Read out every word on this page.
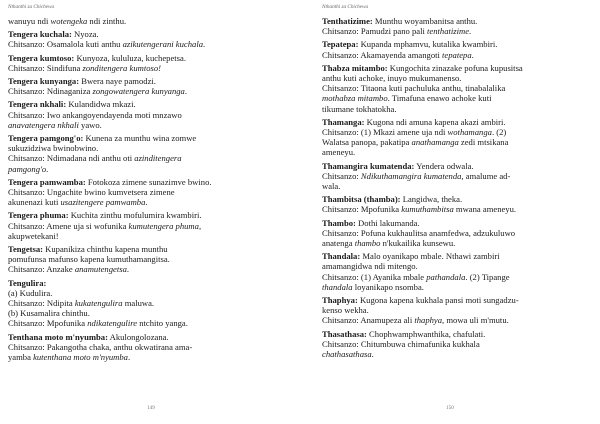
Nthanthi za Chichewa
wanuyu ndi wotengeka ndi zinthu.
Tengera kuchala: Nyoza.
Chitsanzo: Osamalola kuti anthu azikutengerani kuchala.
Tengera kumtoso: Kunyoza, kululuza, kuchepetsa.
Chitsanzo: Sindifuna zonditengera kumtoso!
Tengera kunyanga: Bwera naye pamodzi.
Chitsanzo: Ndinaganiza zongowatengera kunyanga.
Tengera nkhali: Kulandidwa mkazi.
Chitsanzo: Iwo ankangoyendayenda moti mnzawo
anavatengera nkhali yawo.
Tengera pamgong'o: Kunena za munthu wina zomwe
sukuzidziwa bwinobwino.
Chitsanzo: Ndimadana ndi anthu oti azinditengera
pamgong'o.
Tengera pamwamba: Fotokoza zimene sunazimve bwino.
Chitsanzo: Ungachite bwino kumvetsera zimene
akunenazi kuti usazitengere pamwamba.
Tengera phuma: Kuchita zinthu mofulumira kwambiri.
Chitsanzo: Amene uja si wofunika kumutengera phuma,
akupwetekani!
Tengetsa: Kupanikiza chinthu kapena munthu
pomufunsa mafunso kapena kumuthamangitsa.
Chitsanzo: Anzake anamutengetsa.
Tengulira:
(a) Kudulira.
Chitsanzo: Ndipita kukatengulira maluwa.
(b) Kusamalira chinthu.
Chitsanzo: Mpofunika ndikatengulire ntchito yanga.
Tenthana moto m'nyumba: Akulongolozana.
Chitsanzo: Pakangotha chaka, anthu okwatirana ama-
yamba kutenthana moto m'nyumba.
149
Nthanthi za Chichewa
Tenthatizime: Munthu woyambanitsa anthu.
Chitsanzo: Pamudzi pano pali tenthatizime.
Tepatepa: Kupanda mphamvu, kutalika kwambiri.
Chitsanzo: Akamayenda amangoti tepatepa.
Thabza mitambo: Kungochita zinazake pofuna kupusitsa
anthu kuti achoke, inuyo mukumanenso.
Chitsanzo: Titaona kuti pachuluka anthu, tinabalalika
mothabza mitambo. Timafuna enawo achoke kuti
tikumane tokhatokha.
Thamanga: Kugona ndi amuna kapena akazi ambiri.
Chitsanzo: (1) Mkazi amene uja ndi wothamanga. (2)
Walatsa panopa, pakatipa anathamanga zedi mtsikana
ameneyu.
Thamangira kumatenda: Yendera odwala.
Chitsanzo: Ndikuthamangira kumatenda, amalume ad-
wala.
Thambitsa (thamba): Langidwa, theka.
Chitsanzo: Mpofunika kumuthambitsa mwana ameneyu.
Thambo: Dothi lakumanda.
Chitsanzo: Pofuna kukhaulitsa anamfedwa, adzukuluwo
anatenga thambo n'kukailika kunsewu.
Thandala: Malo oyanikapo mbale. Nthawi zambiri
amamangidwa ndi mitengo.
Chitsanzo: (1) Ayanika mbale pathandala. (2) Tipange
thandala loyanikapo nsomba.
Thaphya: Kugona kapena kukhala pansi moti sungadzu-
kenso wekha.
Chitsanzo: Anamupeza ali thaphya, mowa uli m'mutu.
Thasathasa: Chophwamphwanthika, chafulati.
Chitsanzo: Chitumbuwa chimafunika kukhala
chathasathasa.
150
